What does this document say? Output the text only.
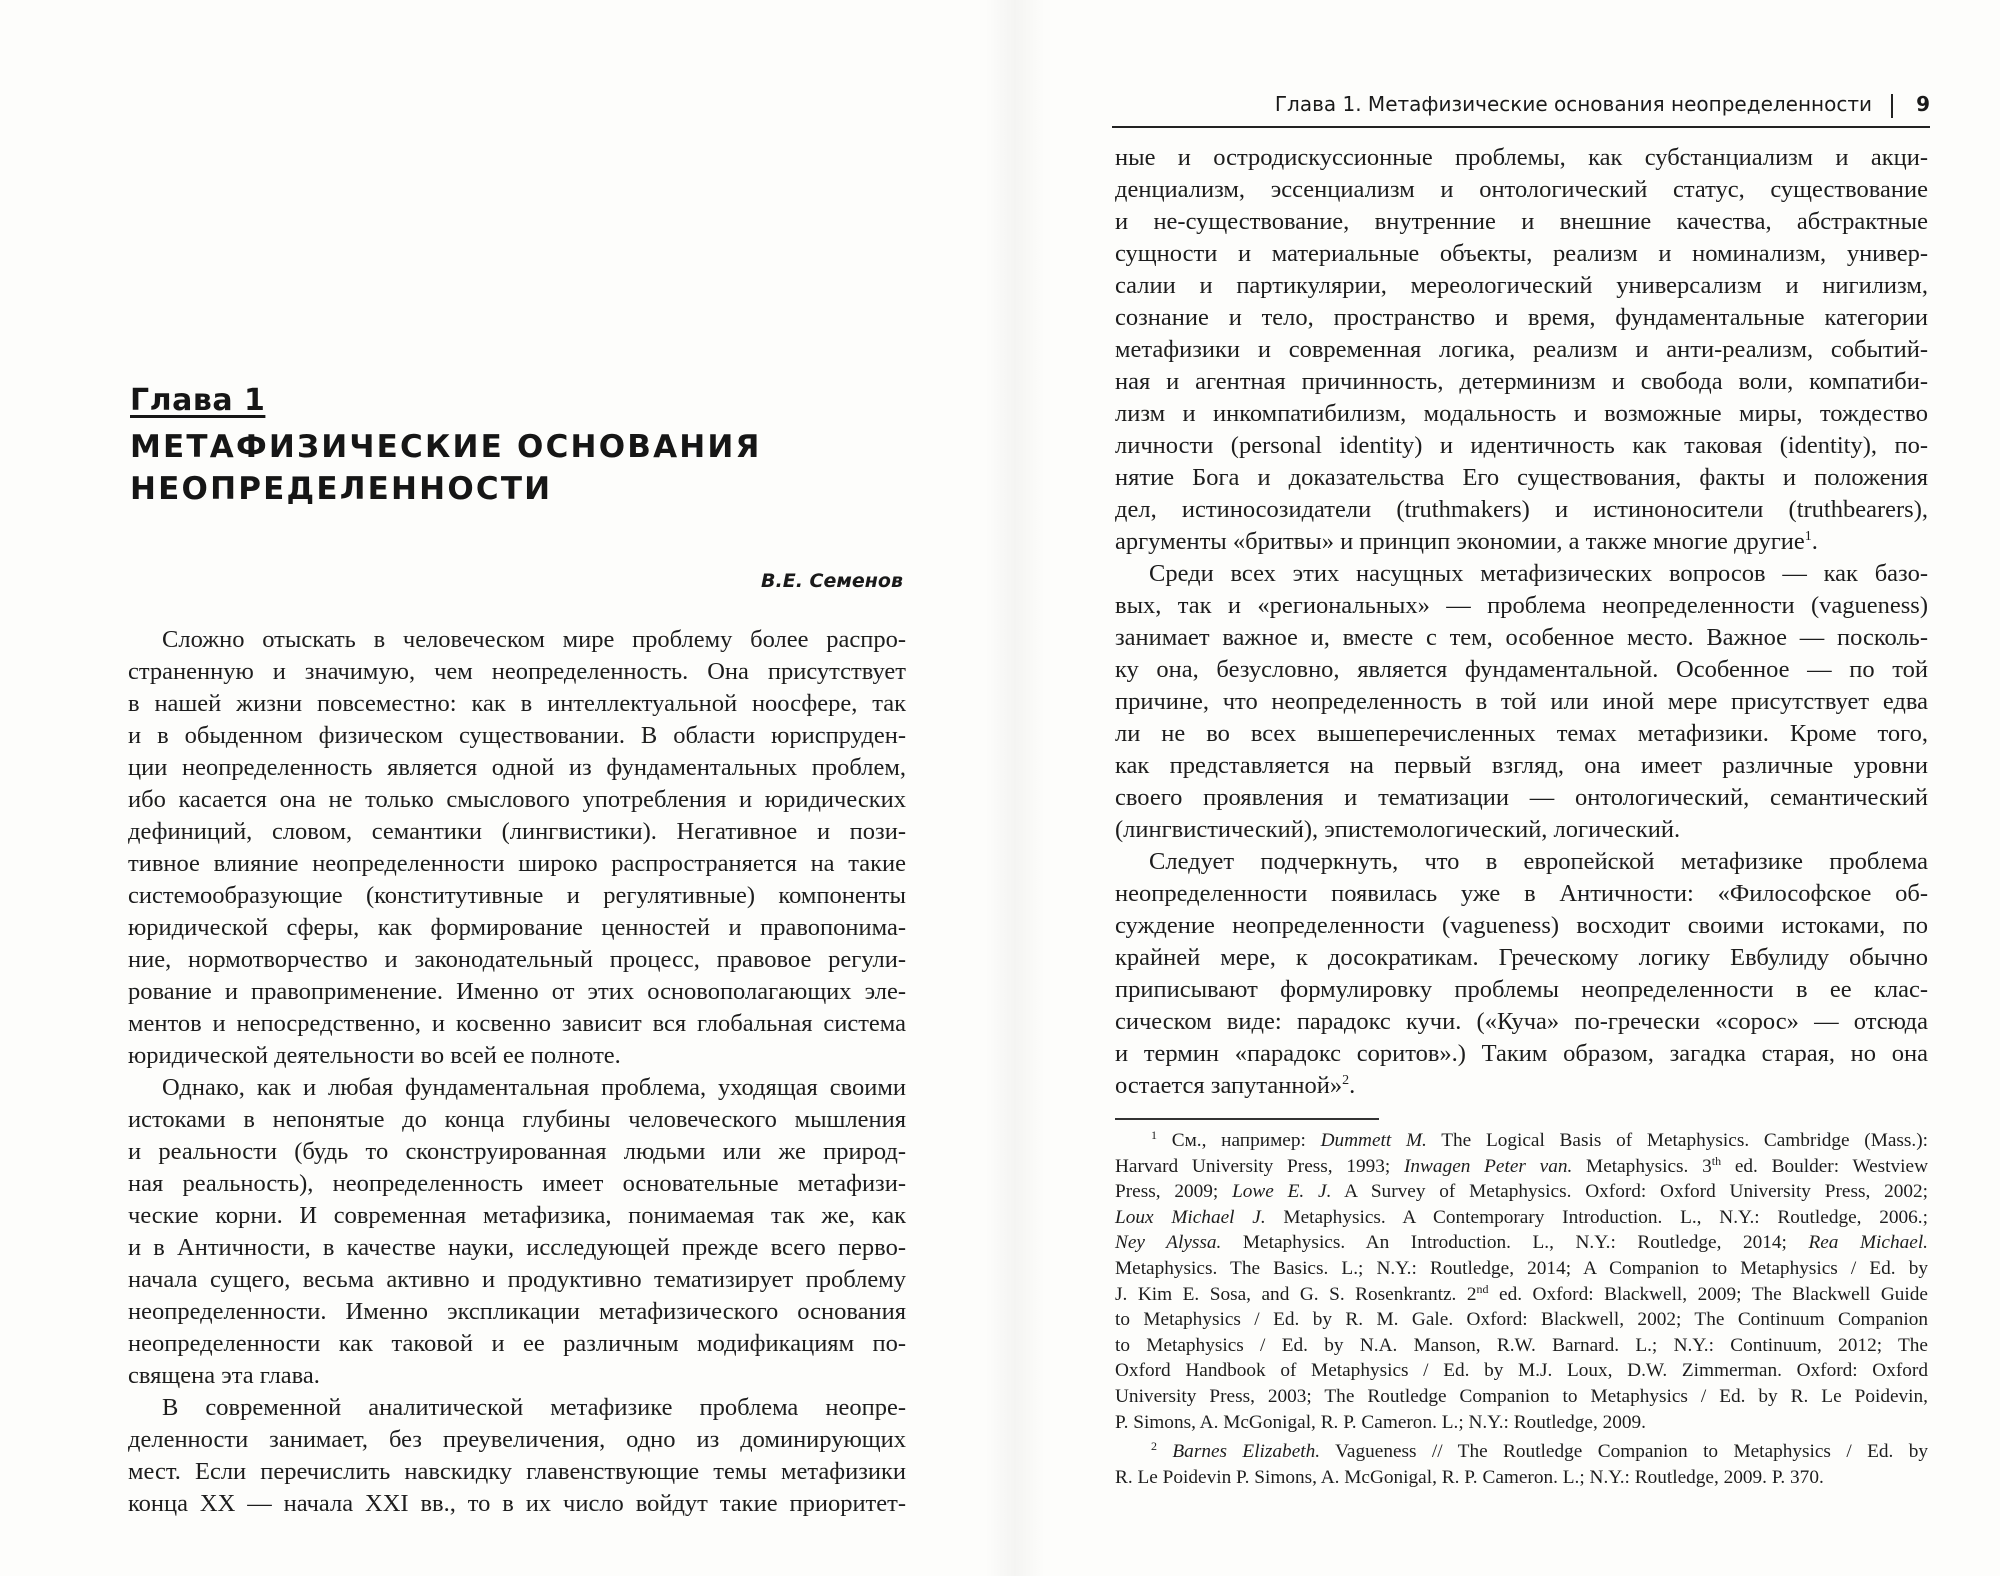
Глава 1
МЕТАФИЗИЧЕСКИЕ ОСНОВАНИЯ
НЕОПРЕДЕЛЕННОСТИ
В.Е. Семенов
Сложно отыскать в человеческом мире проблему более распро-
страненную и значимую, чем неопределенность. Она присутствует
в нашей жизни повсеместно: как в интеллектуальной ноосфере, так
и в обыденном физическом существовании. В области юриспруден-
ции неопределенность является одной из фундаментальных проблем,
ибо касается она не только смыслового употребления и юридических
дефиниций, словом, семантики (лингвистики). Негативное и пози-
тивное влияние неопределенности широко распространяется на такие
системообразующие (конститутивные и регулятивные) компоненты
юридической сферы, как формирование ценностей и правопонима-
ние, нормотворчество и законодательный процесс, правовое регули-
рование и правоприменение. Именно от этих основополагающих эле-
ментов и непосредственно, и косвенно зависит вся глобальная система
юридической деятельности во всей ее полноте.
Однако, как и любая фундаментальная проблема, уходящая своими
истоками в непонятые до конца глубины человеческого мышления
и реальности (будь то сконструированная людьми или же природ-
ная реальность), неопределенность имеет основательные метафизи-
ческие корни. И современная метафизика, понимаемая так же, как
и в Античности, в качестве науки, исследующей прежде всего перво-
начала сущего, весьма активно и продуктивно тематизирует проблему
неопределенности. Именно экспликации метафизического основания
неопределенности как таковой и ее различным модификациям по-
священа эта глава.
В современной аналитической метафизике проблема неопре-
деленности занимает, без преувеличения, одно из доминирующих
мест. Если перечислить навскидку главенствующие темы метафизики
конца XX — начала XXI вв., то в их число войдут такие приоритет-
Глава 1. Метафизические основания неопределенности 9
ные и остродискуссионные проблемы, как субстанциализм и акци-
денциализм, эссенциализм и онтологический статус, существование
и не-существование, внутренние и внешние качества, абстрактные
сущности и материальные объекты, реализм и номинализм, универ-
салии и партикулярии, мереологический универсализм и нигилизм,
сознание и тело, пространство и время, фундаментальные категории
метафизики и современная логика, реализм и анти-реализм, событий-
ная и агентная причинность, детерминизм и свобода воли, компатиби-
лизм и инкомпатибилизм, модальность и возможные миры, тождество
личности (personal identity) и идентичность как таковая (identity), по-
нятие Бога и доказательства Его существования, факты и положения
дел, истиносозидатели (truthmakers) и истиноносители (truthbearers),
аргументы «бритвы» и принцип экономии, а также многие другие$^1$.
Среди всех этих насущных метафизических вопросов — как базо-
вых, так и «региональных» — проблема неопределенности (vagueness)
занимает важное и, вместе с тем, особенное место. Важное — посколь-
ку она, безусловно, является фундаментальной. Особенное — по той
причине, что неопределенность в той или иной мере присутствует едва
ли не во всех вышеперечисленных темах метафизики. Кроме того,
как представляется на первый взгляд, она имеет различные уровни
своего проявления и тематизации — онтологический, семантический
(лингвистический), эпистемологический, логический.
Следует подчеркнуть, что в европейской метафизике проблема
неопределенности появилась уже в Античности: «Философское об-
суждение неопределенности (vagueness) восходит своими истоками, по
крайней мере, к досократикам. Греческому логику Евбулиду обычно
приписывают формулировку проблемы неопределенности в ее клас-
сическом виде: парадокс кучи. («Куча» по-гречески «сорос» — отсюда
и термин «парадокс соритов».) Таким образом, загадка старая, но она
остается запутанной»$^2$.
$^1$ См., например: Dummett M. The Logical Basis of Metaphysics. Cambridge (Mass.):
Harvard University Press, 1993; Inwagen Peter van. Metaphysics. 3th ed. Boulder: Westview
Press, 2009; Lowe E. J. A Survey of Metaphysics. Oxford: Oxford University Press, 2002;
Loux Michael J. Metaphysics. A Contemporary Introduction. L., N.Y.: Routledge, 2006.;
Ney Alyssa. Metaphysics. An Introduction. L., N.Y.: Routledge, 2014; Rea Michael.
Metaphysics. The Basics. L.; N.Y.: Routledge, 2014; A Companion to Metaphysics / Ed. by
J. Kim E. Sosa, and G. S. Rosenkrantz. 2nd ed. Oxford: Blackwell, 2009; The Blackwell Guide
to Metaphysics / Ed. by R. M. Gale. Oxford: Blackwell, 2002; The Continuum Companion
to Metaphysics / Ed. by N.A. Manson, R.W. Barnard. L.; N.Y.: Continuum, 2012; The
Oxford Handbook of Metaphysics / Ed. by M.J. Loux, D.W. Zimmerman. Oxford: Oxford
University Press, 2003; The Routledge Companion to Metaphysics / Ed. by R. Le Poidevin,
P. Simons, A. McGonigal, R. P. Cameron. L.; N.Y.: Routledge, 2009.
$^2$ Barnes Elizabeth. Vagueness // The Routledge Companion to Metaphysics / Ed. by
R. Le Poidevin P. Simons, A. McGonigal, R. P. Cameron. L.; N.Y.: Routledge, 2009. P. 370.
